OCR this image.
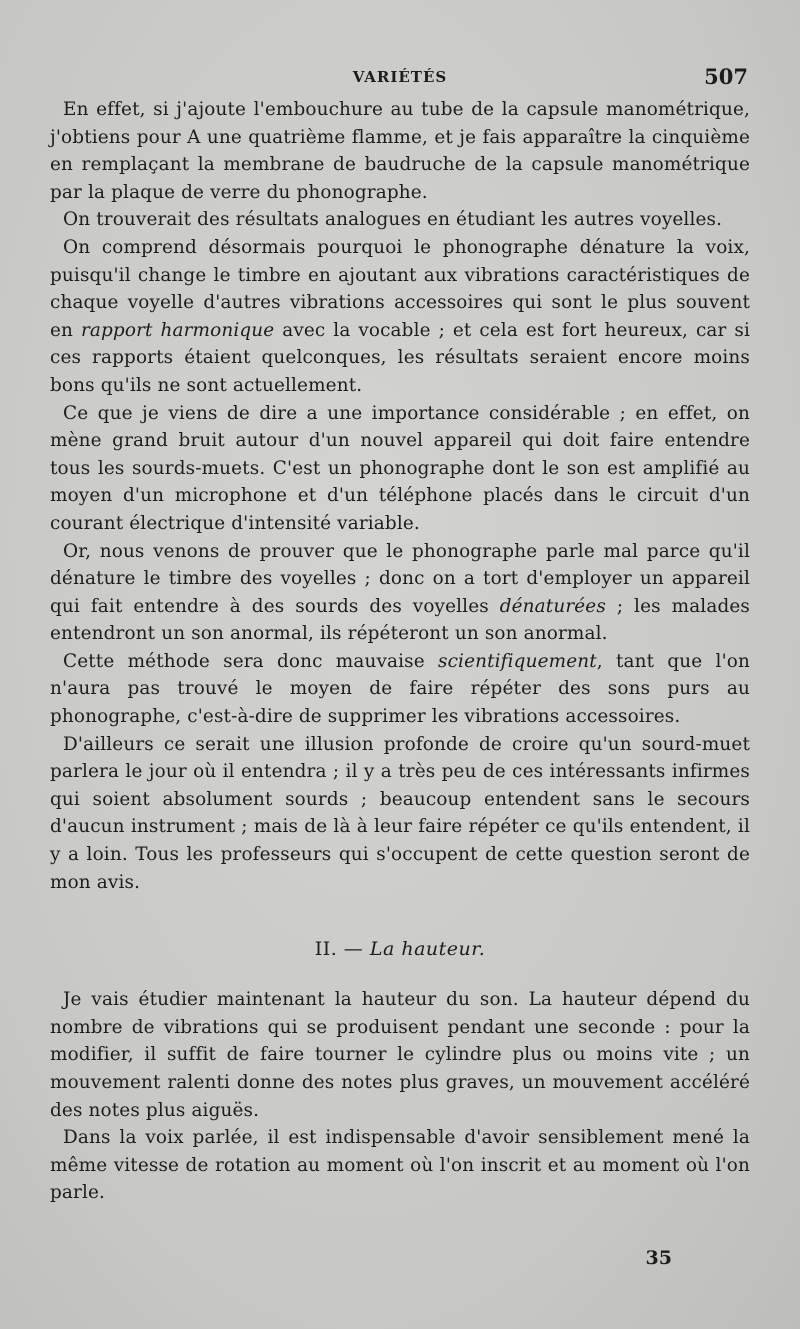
VARIÉTÉS	507

En effet, si j'ajoute l'embouchure au tube de la capsule manométrique, j'obtiens pour A une quatrième flamme, et je fais apparaître la cinquième en remplaçant la membrane de baudruche de la capsule manométrique par la plaque de verre du phonographe.

On trouverait des résultats analogues en étudiant les autres voyelles.

On comprend désormais pourquoi le phonographe dénature la voix, puisqu'il change le timbre en ajoutant aux vibrations caractéristiques de chaque voyelle d'autres vibrations accessoires qui sont le plus souvent en rapport harmonique avec la vocable ; et cela est fort heureux, car si ces rapports étaient quelconques, les résultats seraient encore moins bons qu'ils ne sont actuellement.

Ce que je viens de dire a une importance considérable ; en effet, on mène grand bruit autour d'un nouvel appareil qui doit faire entendre tous les sourds-muets. C'est un phonographe dont le son est amplifié au moyen d'un microphone et d'un téléphone placés dans le circuit d'un courant électrique d'intensité variable.

Or, nous venons de prouver que le phonographe parle mal parce qu'il dénature le timbre des voyelles ; donc on a tort d'employer un appareil qui fait entendre à des sourds des voyelles dénaturées ; les malades entendront un son anormal, ils répéteront un son anormal.

Cette méthode sera donc mauvaise scientifiquement, tant que l'on n'aura pas trouvé le moyen de faire répéter des sons purs au phonographe, c'est-à-dire de supprimer les vibrations accessoires.

D'ailleurs ce serait une illusion profonde de croire qu'un sourd-muet parlera le jour où il entendra ; il y a très peu de ces intéressants infirmes qui soient absolument sourds ; beaucoup entendent sans le secours d'aucun instrument ; mais de là à leur faire répéter ce qu'ils entendent, il y a loin. Tous les professeurs qui s'occupent de cette question seront de mon avis.

II. — La hauteur.

Je vais étudier maintenant la hauteur du son. La hauteur dépend du nombre de vibrations qui se produisent pendant une seconde : pour la modifier, il suffit de faire tourner le cylindre plus ou moins vite ; un mouvement ralenti donne des notes plus graves, un mouvement accéléré des notes plus aiguës.

Dans la voix parlée, il est indispensable d'avoir sensiblement mené la même vitesse de rotation au moment où l'on inscrit et au moment où l'on parle.

35
